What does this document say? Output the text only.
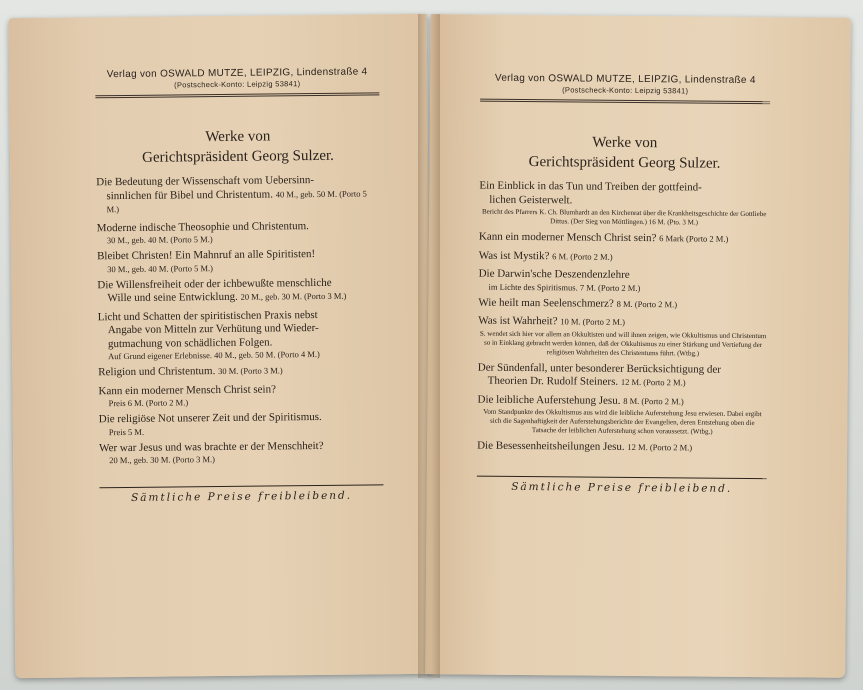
Verlag von OSWALD MUTZE, LEIPZIG, Lindenstraße 4
(Postscheck-Konto: Leipzig 53841)
Werke von
Gerichtspräsident Georg Sulzer.
Die Bedeutung der Wissenschaft vom Uebersinn-
sinnlichen für Bibel und Christentum. 40 M., geb. 50 M. (Porto 5 M.)
Moderne indische Theosophie und Christentum.
30 M., geb. 40 M. (Porto 5 M.)
Bleibet Christen! Ein Mahnruf an alle Spiritisten!
30 M., geb. 40 M. (Porto 5 M.)
Die Willensfreiheit oder der ichbewußte menschliche
Wille und seine Entwicklung. 20 M., geb. 30 M. (Porto 3 M.)
Licht und Schatten der spiritistischen Praxis nebst
Angabe von Mitteln zur Verhütung und Wieder-
gutmachung von schädlichen Folgen.
Auf Grund eigener Erlebnisse. 40 M., geb. 50 M. (Porto 4 M.)
Religion und Christentum. 30 M. (Porto 3 M.)
Kann ein moderner Mensch Christ sein?
Preis 6 M. (Porto 2 M.)
Die religiöse Not unserer Zeit und der Spiritismus.
Preis 5 M.
Wer war Jesus und was brachte er der Menschheit?
20 M., geb. 30 M. (Porto 3 M.)
Sämtliche Preise freibleibend.
Verlag von OSWALD MUTZE, LEIPZIG, Lindenstraße 4
(Postscheck-Konto: Leipzig 53841)
Werke von
Gerichtspräsident Georg Sulzer.
Ein Einblick in das Tun und Treiben der gottfeind-
lichen Geisterwelt.
Bericht des Pfarrers K. Ch. Blumhardt an den Kirchenrat über die Krankheitsgeschichte der Gottliebe Dittus. (Der Sieg von Möttlingen.) 16 M. (Pto. 3 M.)
Kann ein moderner Mensch Christ sein? 6 Mark (Porto 2 M.)
Was ist Mystik? 6 M. (Porto 2 M.)
Die Darwin'sche Deszendenzlehre
im Lichte des Spiritismus. 7 M. (Porto 2 M.)
Wie heilt man Seelenschmerz? 8 M. (Porto 2 M.)
Was ist Wahrheit? 10 M. (Porto 2 M.)
S. wendet sich hier vor allem an Okkultisten und will ihnen zeigen, wie Okkultismus und Christentum so in Einklang gebracht werden können, daß der Okkultismus zu einer Stärkung und Vertiefung der religiösen Wahrheiten des Christentums führt. (Wtbg.)
Der Sündenfall, unter besonderer Berücksichtigung der
Theorien Dr. Rudolf Steiners. 12 M. (Porto 2 M.)
Die leibliche Auferstehung Jesu. 8 M. (Porto 2 M.)
Vom Standpunkte des Okkultismus aus wird die leibliche Auferstehung Jesu erwiesen. Dabei ergibt sich die Sagenhaftigkeit der Auferstehungsberichte der Evangelien, deren Entstehung oben die Tatsache der leiblichen Auferstehung schon voraussetzt. (Wtbg.)
Die Besessenheitsheilungen Jesu. 12 M. (Porto 2 M.)
Sämtliche Preise freibleibend.
